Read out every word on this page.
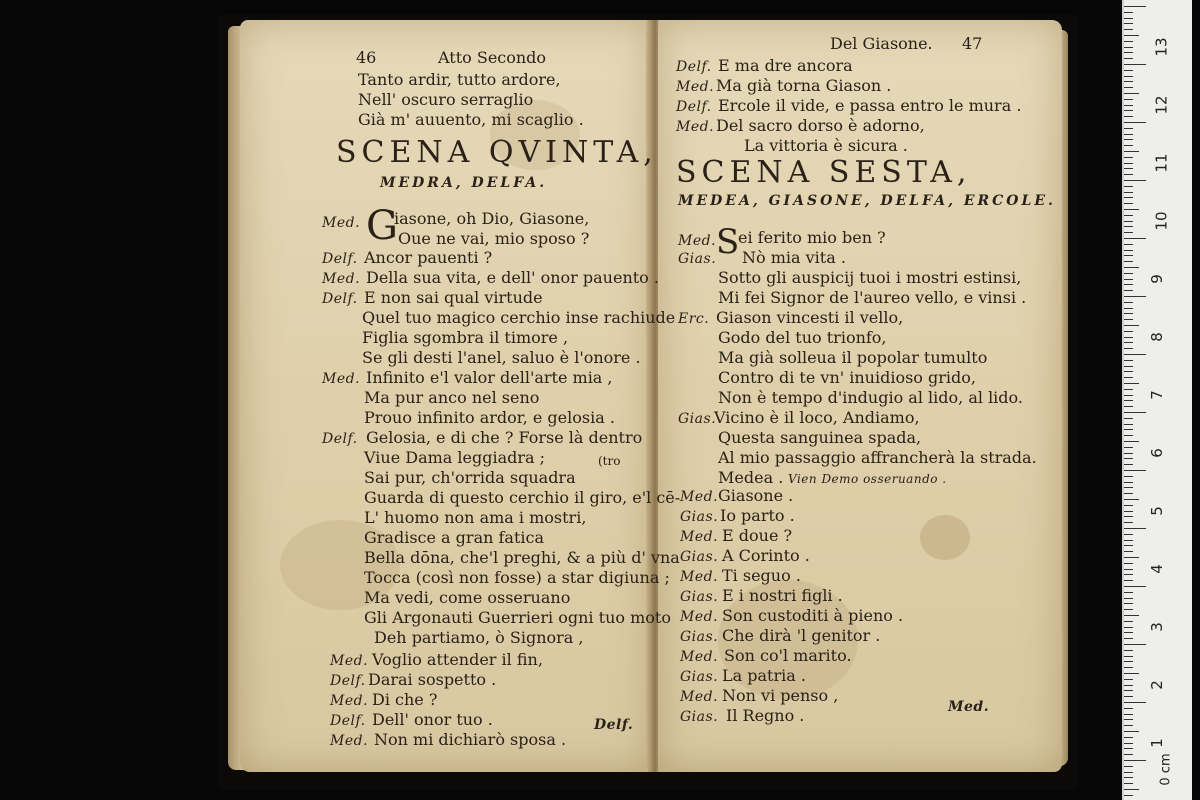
46	Atto Secondo
Tanto ardir, tutto ardore,
Nell' oscuro serraglio
Già m' auuento, mi scaglio .
SCENA QVINTA,
MEDRA, DELFA.
G
Med. iasone, oh Dio, Giasone,
Oue ne vai, mio sposo ?
Delf. Ancor pauenti ?
Med. Della sua vita, e dell' onor pauento .
Delf. E non sai qual virtude
Quel tuo magico cerchio inse rachiude
Figlia sgombra il timore ,
Se gli desti l'anel, saluo è l'onore .
Med. Infinito e'l valor dell'arte mia ,
Ma pur anco nel seno
Prouo infinito ardor, e gelosia .
Delf. Gelosia, e di che ? Forse là dentro
Viue Dama leggiadra ;
Sai pur, ch'orrida squadra
(tro
Guarda di questo cerchio il giro, e'l cē-
L' huomo non ama i mostri,
Gradisce a gran fatica
Bella dōna, che'l preghi, & a più d' vna
Tocca (così non fosse) a star digiuna ;
Ma vedi, come osseruano
Gli Argonauti Guerrieri ogni tuo moto
Deh partiamo, ò Signora ,
Med. Voglio attender il fin,
Delf. Darai sospetto .
Med. Di che ?
Delf. Dell' onor tuo .
Med. Non mi dichiarò sposa .
Delf.
Del Giasone. 47
Delf. E ma dre ancora
Med. Ma già torna Giason .
Delf. Ercole il vide, e passa entro le mura .
Med. Del sacro dorso è adorno,
La vittoria è sicura .
SCENA SESTA,
MEDEA, GIASONE, DELFA, ERCOLE.
S
Med. ei ferito mio ben ?
Gias. Nò mia vita .
Sotto gli auspicij tuoi i mostri estinsi,
Mi fei Signor de l'aureo vello, e vinsi .
Erc. Giason vincesti il vello,
Godo del tuo trionfo,
Ma già solleua il popolar tumulto
Contro di te vn' inuidioso grido,
Non è tempo d'indugio al lido, al lido.
Gias.
Vicino è il loco, Andiamo,
Questa sanguinea spada,
Al mio passaggio affrancherà la strada.
Medea . Vien Demo osseruando .
Med. Giasone .
Gias. Io parto .
Med. E doue ?
Gias. A Corinto .
Med. Ti seguo .
Gias. E i nostri figli .
Med. Son custoditi à pieno .
Gias. Che dirà 'l genitor .
Med. Son co'l marito.
Gias. La patria .
Med. Non vi penso ,
Gias. Il Regno .	Med.
13
12
11
10
9
8
7
6
5
4
3
2
1
0 cm
